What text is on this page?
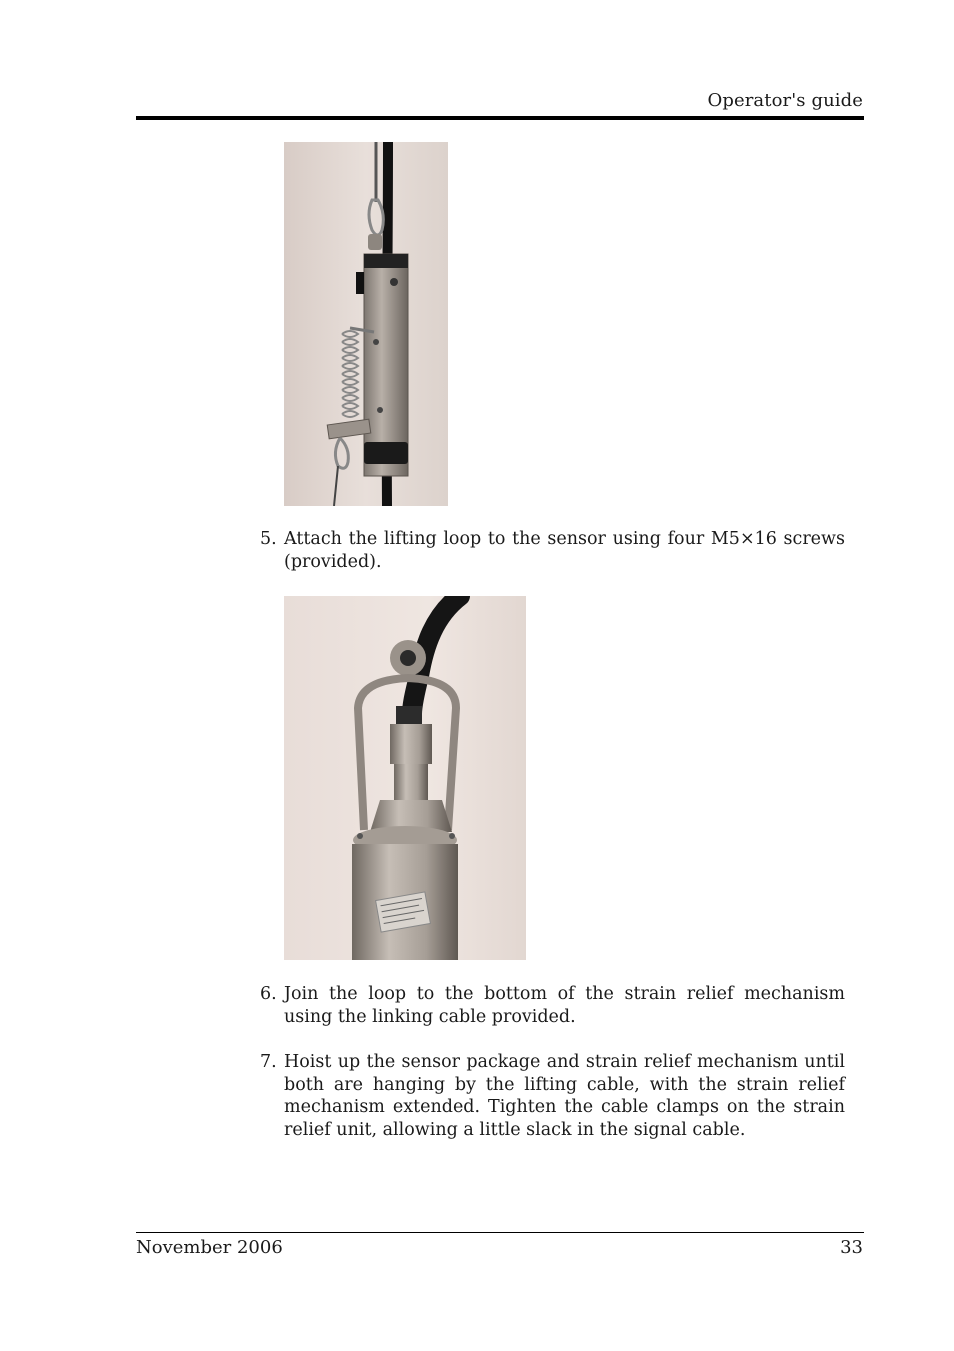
Operator's guide
5. Attach the lifting loop to the sensor using four M5×16 screws (provided).
6. Join the loop to the bottom of the strain relief mechanism using the linking cable provided.
7. Hoist up the sensor package and strain relief mechanism until both are hanging by the lifting cable, with the strain relief mechanism extended. Tighten the cable clamps on the strain relief unit, allowing a little slack in the signal cable.
November 2006	33
